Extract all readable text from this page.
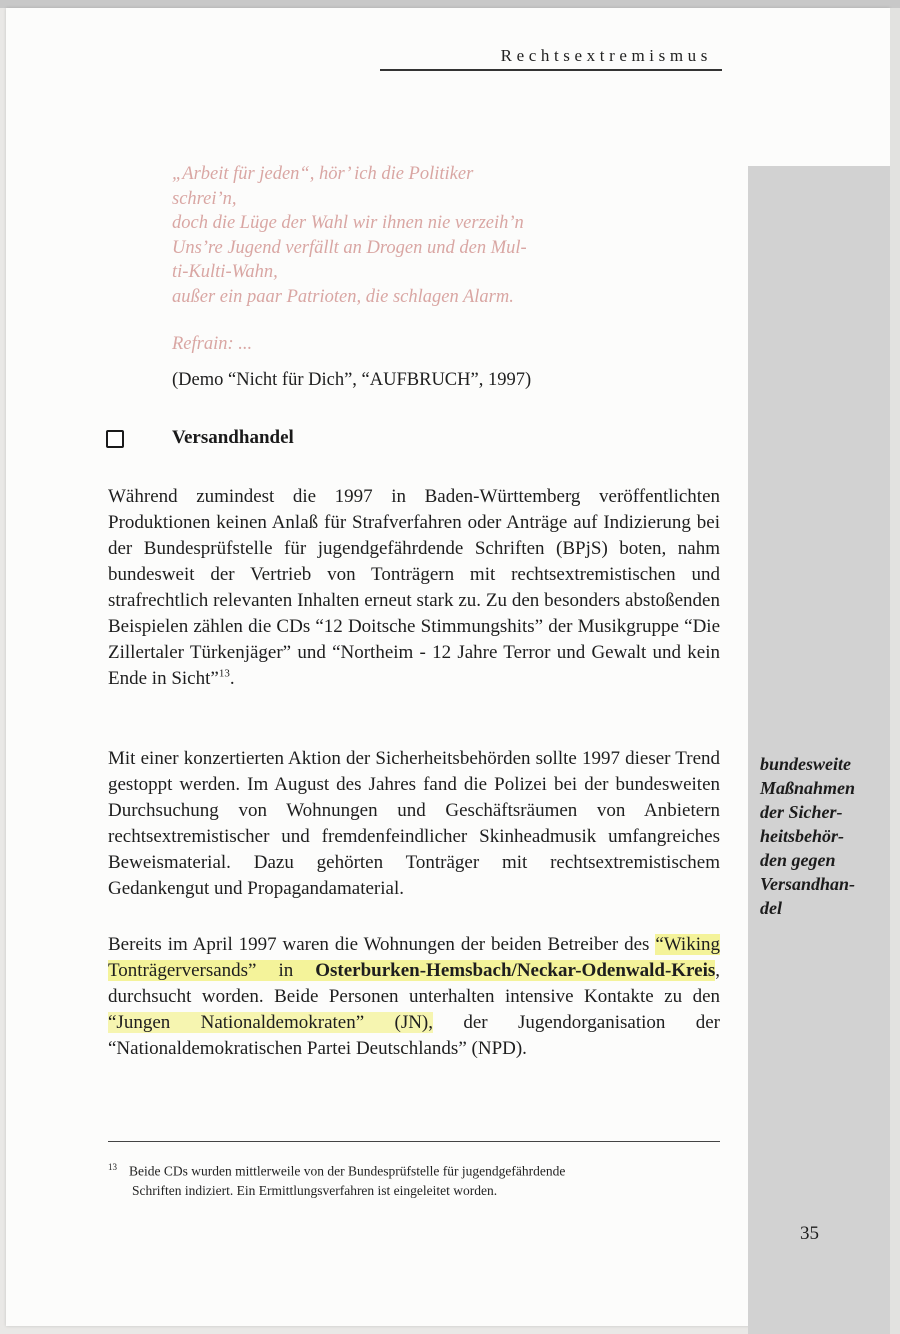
Rechtsextremismus
„Arbeit für jeden“, hör’ ich die Politiker
schrei’n,
doch die Lüge der Wahl wir ihnen nie verzeih’n
Uns’re Jugend verfällt an Drogen und den Mul-
ti-Kulti-Wahn,
außer ein paar Patrioten, die schlagen Alarm.
Refrain: ...
(Demo “Nicht für Dich”, “AUFBRUCH”, 1997)
Versandhandel

Während zumindest die 1997 in Baden-Württemberg veröffentlichten Produktionen keinen Anlaß für Strafverfahren oder Anträge auf Indizierung bei der Bundesprüfstelle für jugendgefährdende Schriften (BPjS) boten, nahm bundesweit der Vertrieb von Tonträgern mit rechtsextremistischen und strafrechtlich relevanten Inhalten erneut stark zu. Zu den besonders abstoßenden Beispielen zählen die CDs “12 Doitsche Stimmungshits” der Musikgruppe “Die Zillertaler Türkenjäger” und “Northeim - 12 Jahre Terror und Gewalt und kein Ende in Sicht”$^{13}$.

Mit einer konzertierten Aktion der Sicherheitsbehörden sollte 1997 dieser Trend gestoppt werden. Im August des Jahres fand die Polizei bei der bundesweiten Durchsuchung von Wohnungen und Geschäftsräumen von Anbietern rechtsextremistischer und fremdenfeindlicher Skinheadmusik umfangreiches Beweismaterial. Dazu gehörten Tonträger mit rechtsextremistischem Gedankengut und Propagandamaterial.

Bereits im April 1997 waren die Wohnungen der beiden Betreiber des “Wiking Tonträgerversands” in Osterburken-Hemsbach/Neckar-Odenwald-Kreis, durchsucht worden. Beide Personen unterhalten intensive Kontakte zu den “Jungen Nationaldemokraten” (JN), der Jugendorganisation der “Nationaldemokratischen Partei Deutschlands” (NPD).

bundesweite
Maßnahmen
der Sicher-
heitsbehör-
den gegen
Versandhan-
del
$^{13}$ Beide CDs wurden mittlerweile von der Bundesprüfstelle für jugendgefährdende
Schriften indiziert. Ein Ermittlungsverfahren ist eingeleitet worden.
35
